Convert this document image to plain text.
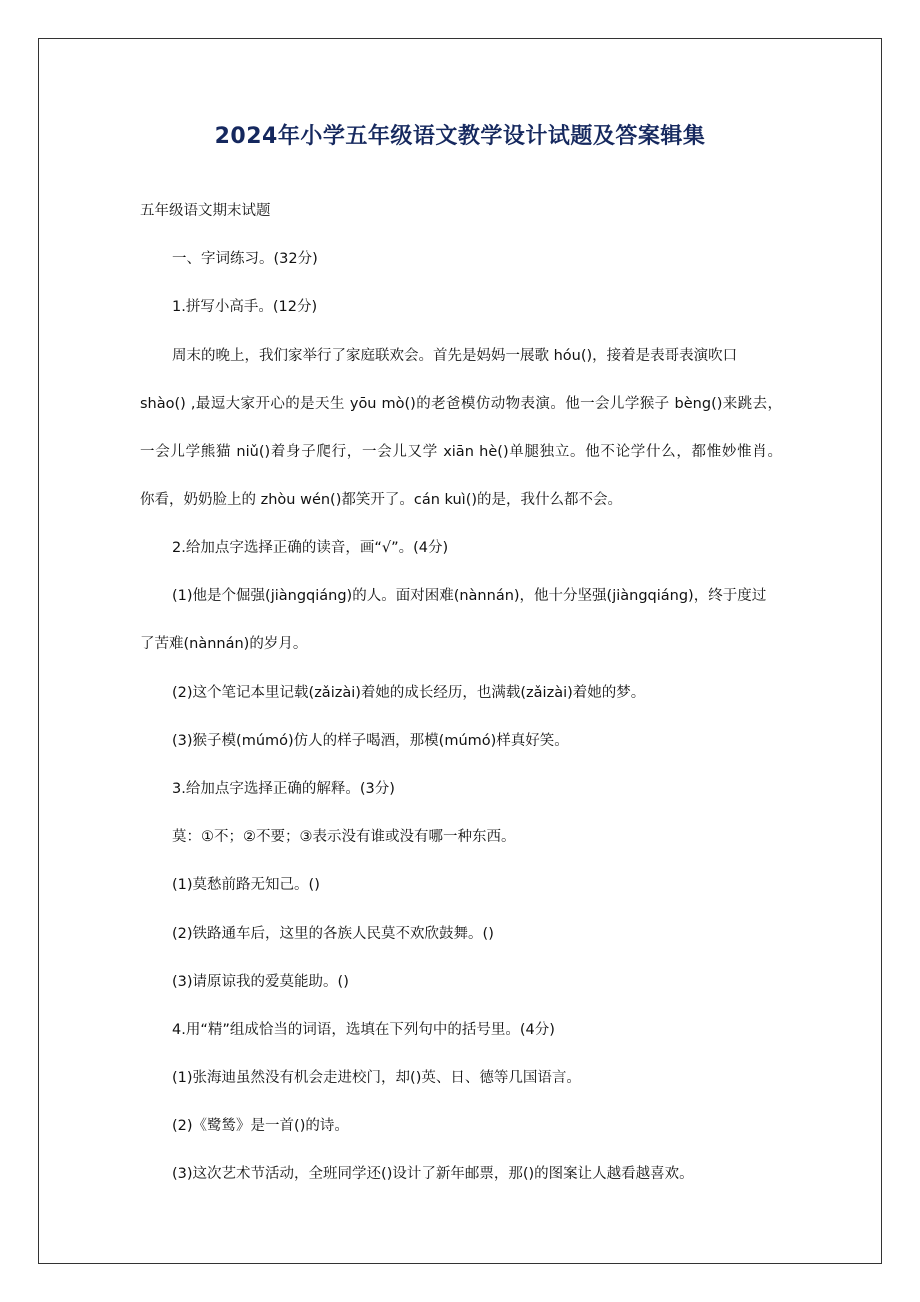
2024年小学五年级语文教学设计试题及答案辑集
五年级语文期末试题
一、字词练习。(32分)
1.拼写小高手。(12分)
周末的晚上，我们家举行了家庭联欢会。首先是妈妈一展歌 hóu()，接着是表哥表演吹口
shào() ,最逗大家开心的是天生 yōu mò()的老爸模仿动物表演。他一会儿学猴子 bèng()来跳去，
一会儿学熊猫 niǔ()着身子爬行，一会儿又学 xiān hè()单腿独立。他不论学什么，都惟妙惟肖。
你看，奶奶脸上的 zhòu wén()都笑开了。cán kuì()的是，我什么都不会。
2.给加点字选择正确的读音，画“√”。(4分)
(1)他是个倔强(jiàngqiáng)的人。面对困难(nànnán)，他十分坚强(jiàngqiáng)，终于度过
了苦难(nànnán)的岁月。
(2)这个笔记本里记载(zǎizài)着她的成长经历，也满载(zǎizài)着她的梦。
(3)猴子模(múmó)仿人的样子喝酒，那模(múmó)样真好笑。
3.给加点字选择正确的解释。(3分)
莫：①不；②不要；③表示没有谁或没有哪一种东西。
(1)莫愁前路无知己。()
(2)铁路通车后，这里的各族人民莫不欢欣鼓舞。()
(3)请原谅我的爱莫能助。()
4.用“精”组成恰当的词语，选填在下列句中的括号里。(4分)
(1)张海迪虽然没有机会走进校门，却()英、日、德等几国语言。
(2)《鹭鸶》是一首()的诗。
(3)这次艺术节活动，全班同学还()设计了新年邮票，那()的图案让人越看越喜欢。
